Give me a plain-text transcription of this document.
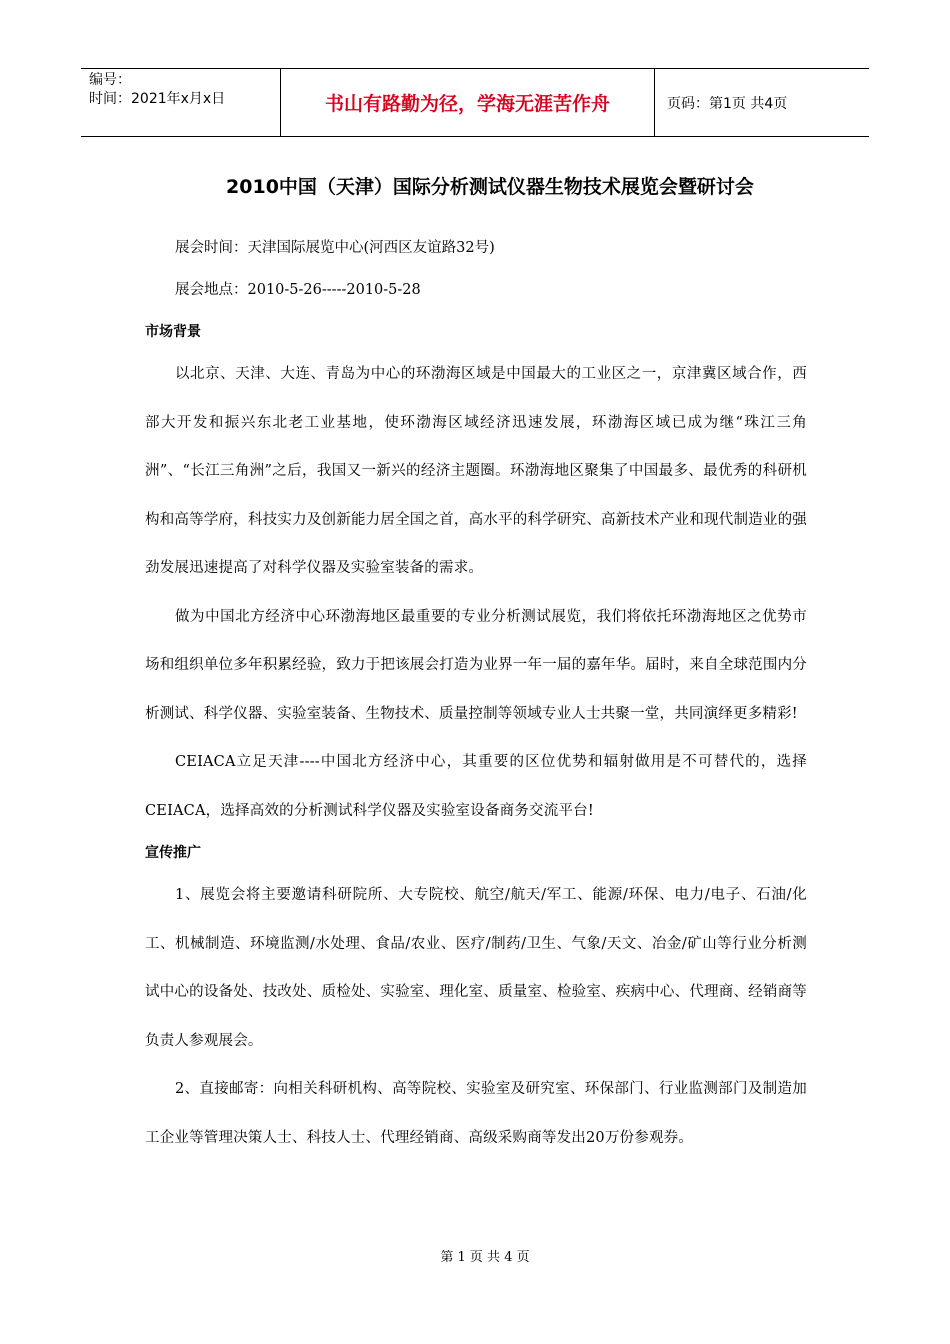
编号：
时间：2021年x月x日	书山有路勤为径，学海无涯苦作舟	页码：第1页 共4页
2010中国（天津）国际分析测试仪器生物技术展览会暨研讨会
展会时间：天津国际展览中心(河西区友谊路32号)
展会地点：2010-5-26-----2010-5-28
市场背景

以北京、天津、大连、青岛为中心的环渤海区域是中国最大的工业区之一，京津冀区域合作，西部大开发和振兴东北老工业基地，使环渤海区域经济迅速发展，环渤海区域已成为继“珠江三角洲”、“长江三角洲”之后，我国又一新兴的经济主题圈。环渤海地区聚集了中国最多、最优秀的科研机构和高等学府，科技实力及创新能力居全国之首，高水平的科学研究、高新技术产业和现代制造业的强劲发展迅速提高了对科学仪器及实验室装备的需求。

做为中国北方经济中心环渤海地区最重要的专业分析测试展览，我们将依托环渤海地区之优势市场和组织单位多年积累经验，致力于把该展会打造为业界一年一届的嘉年华。届时，来自全球范围内分析测试、科学仪器、实验室装备、生物技术、质量控制等领域专业人士共聚一堂，共同演绎更多精彩!

CEIACA立足天津----中国北方经济中心，其重要的区位优势和辐射做用是不可替代的，选择CEIACA，选择高效的分析测试科学仪器及实验室设备商务交流平台!

宣传推广

1、展览会将主要邀请科研院所、大专院校、航空/航天/军工、能源/环保、电力/电子、石油/化工、机械制造、环境监测/水处理、食品/农业、医疗/制药/卫生、气象/天文、冶金/矿山等行业分析测试中心的设备处、技改处、质检处、实验室、理化室、质量室、检验室、疾病中心、代理商、经销商等负责人参观展会。

2、直接邮寄：向相关科研机构、高等院校、实验室及研究室、环保部门、行业监测部门及制造加工企业等管理决策人士、科技人士、代理经销商、高级采购商等发出20万份参观券。

第 1 页 共 4 页
